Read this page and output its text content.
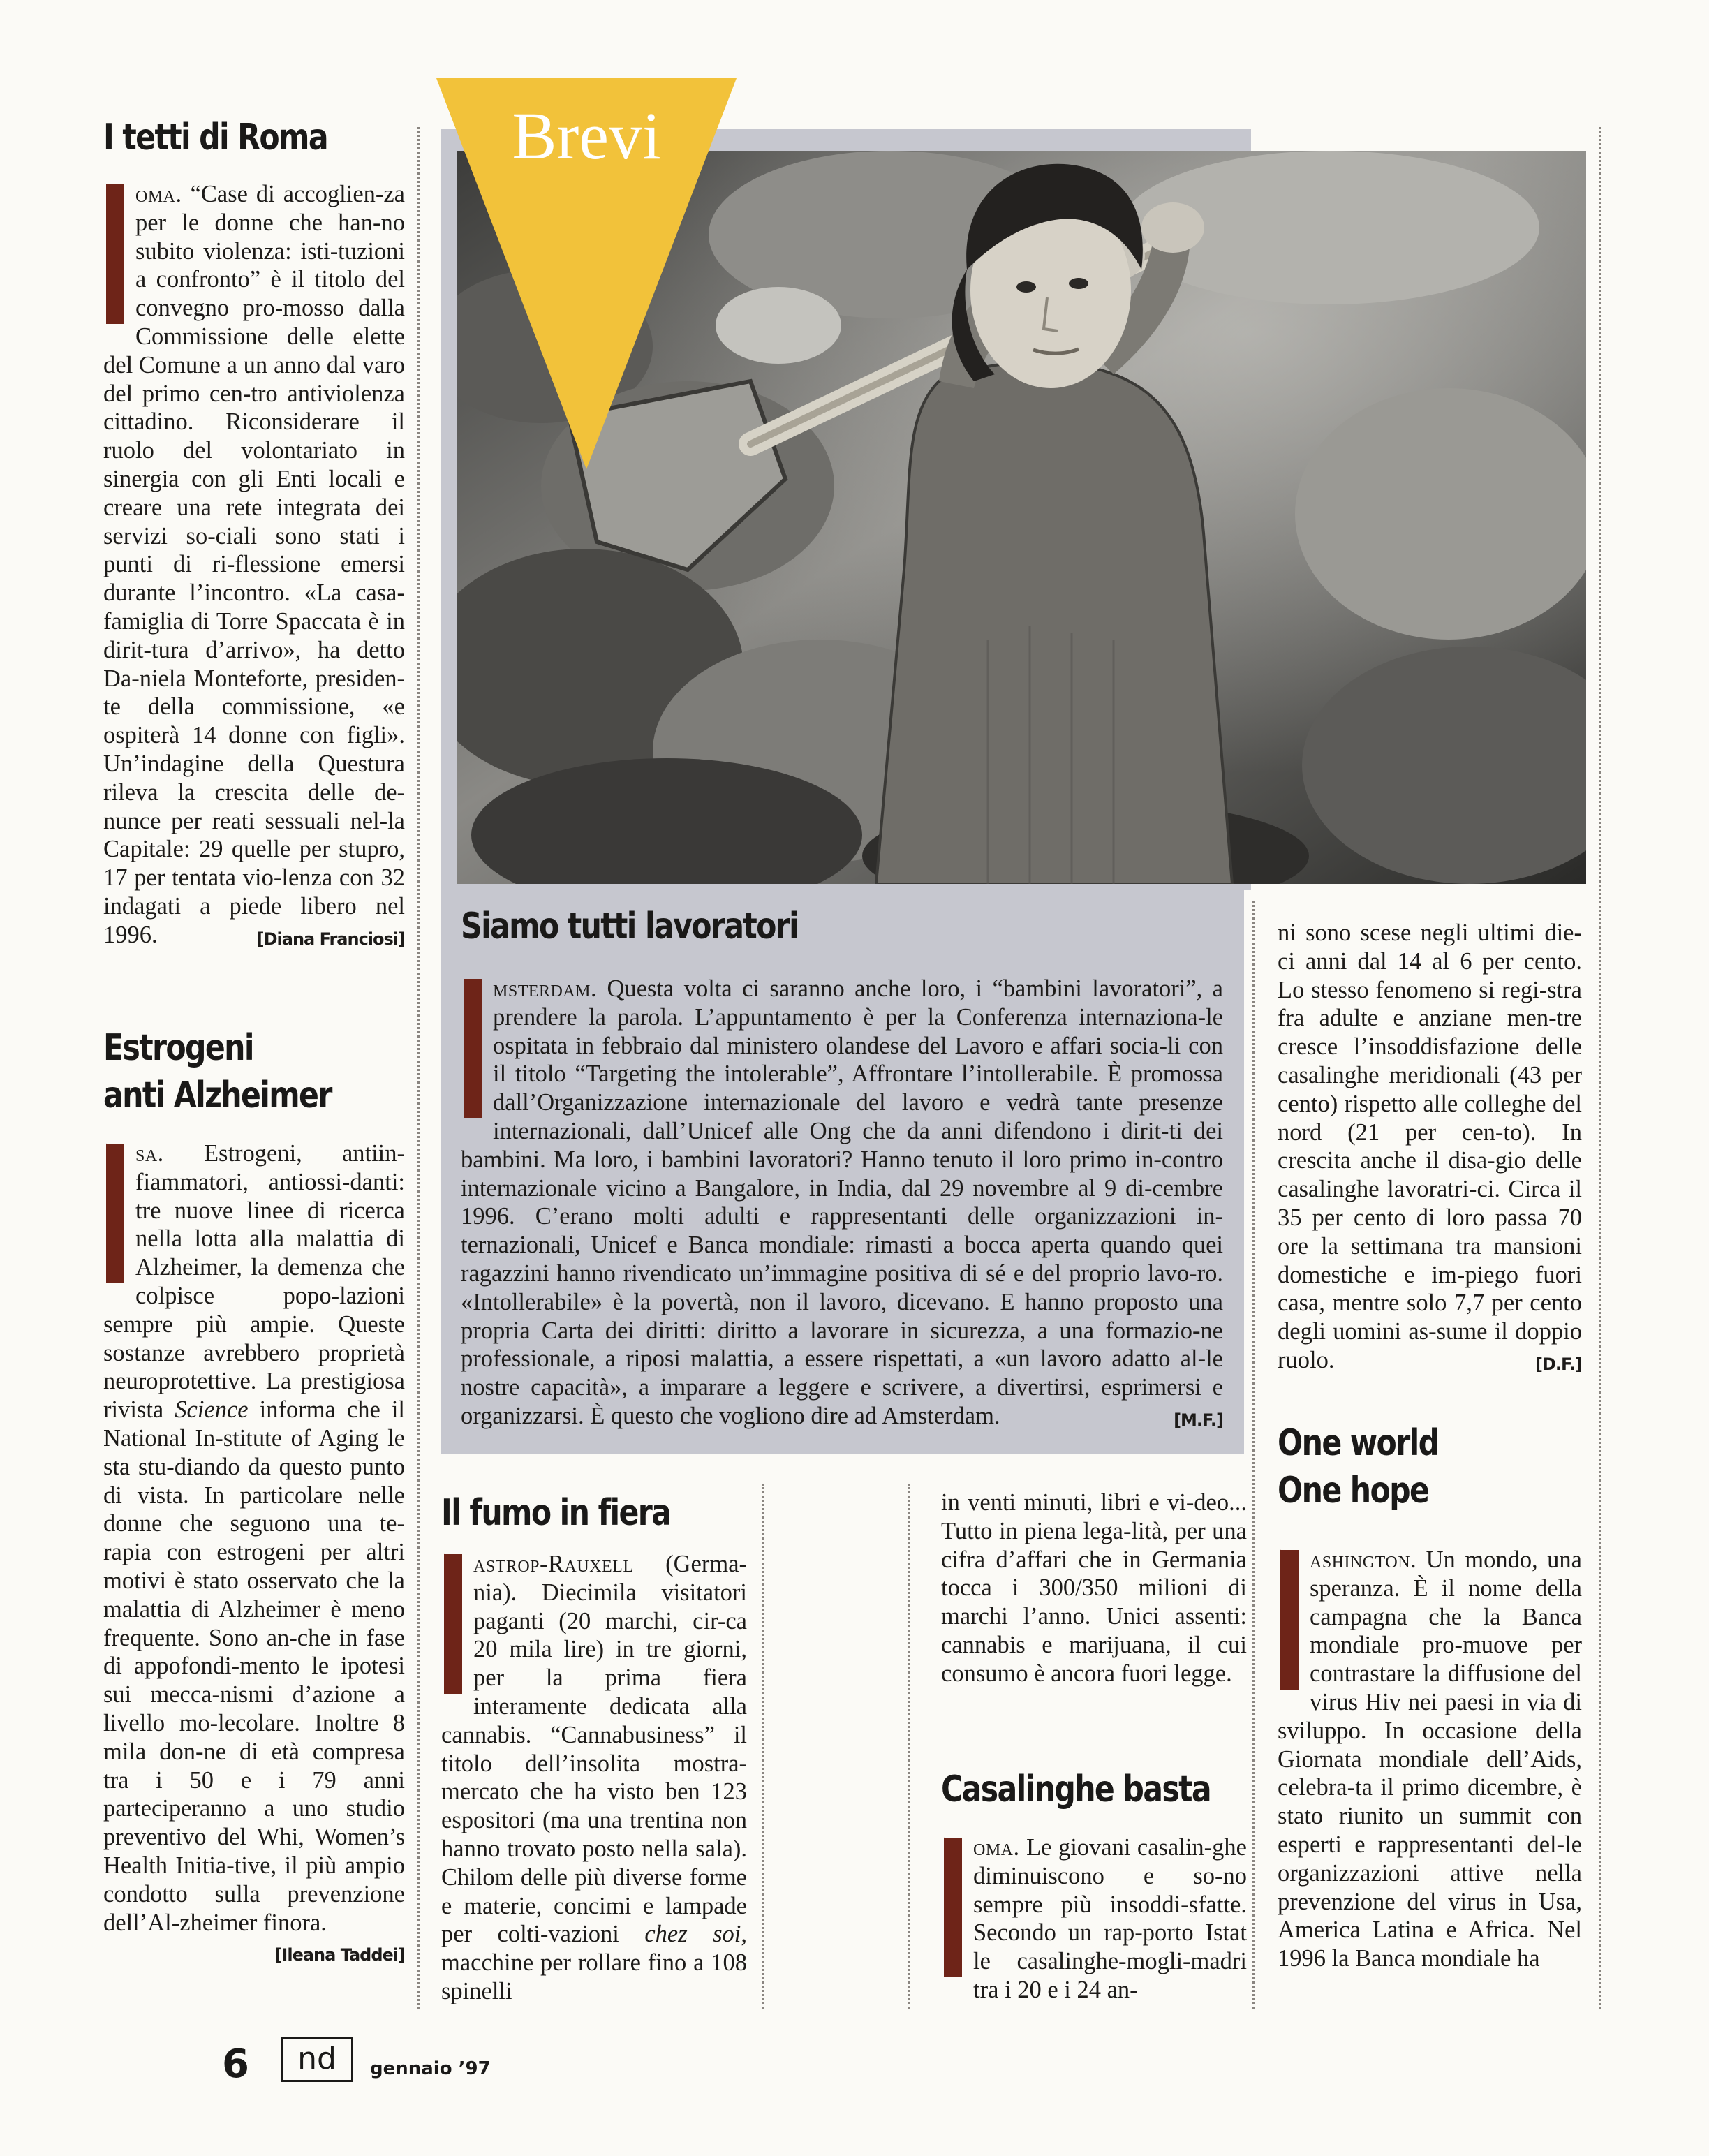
Brevi
I tetti di Roma
R	oma. “Case di accoglien-za per le donne che han-no subito violenza: isti-tuzioni a confronto” è il titolo del convegno pro-mosso dalla Commissione delle elette del Comune a un anno dal varo del primo cen-tro antiviolenza cittadino. Riconsiderare il ruolo del volontariato in sinergia con gli Enti locali e creare una rete integrata dei servizi so-ciali sono stati i punti di ri-flessione emersi durante l’incontro. «La casa-famiglia di Torre Spaccata è in dirit-tura d’arrivo», ha detto Da-niela Monteforte, presiden-te della commissione, «e ospiterà 14 donne con figli». Un’indagine della Questura rileva la crescita delle de-nunce per reati sessuali nel-la Capitale: 29 quelle per stupro, 17 per tentata vio-lenza con 32 indagati a piede libero nel 1996.	[Diana Franciosi]
Estrogeni
anti Alzheimer
U	sa. Estrogeni, antiin-fiammatori, antiossi-danti: tre nuove linee di ricerca nella lotta alla malattia di Alzheimer, la demenza che colpisce popo-lazioni sempre più ampie. Queste sostanze avrebbero proprietà neuroprotettive. La prestigiosa rivista Science informa che il National In-stitute of Aging le sta stu-diando da questo punto di vista. In particolare nelle donne che seguono una te-rapia con estrogeni per altri motivi è stato osservato che la malattia di Alzheimer è meno frequente. Sono an-che in fase di appofondi-mento le ipotesi sui mecca-nismi d’azione a livello mo-lecolare. Inoltre 8 mila don-ne di età compresa tra i 50 e i 79 anni parteciperanno a uno studio preventivo del Whi, Women’s Health Initia-tive, il più ampio condotto sulla prevenzione dell’Al-zheimer finora.
[Ileana Taddei]
Siamo tutti lavoratori
A	msterdam. Questa volta ci saranno anche loro, i “bambini lavoratori”, a prendere la parola. L’appuntamento è per la Conferenza internaziona-le ospitata in febbraio dal ministero olandese del Lavoro e affari socia-li con il titolo “Targeting the intolerable”, Affrontare l’intollerabile. È promossa dall’Organizzazione internazionale del lavoro e vedrà tante presenze internazionali, dall’Unicef alle Ong che da anni difendono i dirit-ti dei bambini. Ma loro, i bambini lavoratori? Hanno tenuto il loro primo in-contro internazionale vicino a Bangalore, in India, dal 29 novembre al 9 di-cembre 1996. C’erano molti adulti e rappresentanti delle organizzazioni in-ternazionali, Unicef e Banca mondiale: rimasti a bocca aperta quando quei ragazzini hanno rivendicato un’immagine positiva di sé e del proprio lavo-ro. «Intollerabile» è la povertà, non il lavoro, dicevano. E hanno proposto una propria Carta dei diritti: diritto a lavorare in sicurezza, a una formazio-ne professionale, a riposi malattia, a essere rispettati, a «un lavoro adatto al-le nostre capacità», a imparare a leggere e scrivere, a divertirsi, esprimersi e organizzarsi. È questo che vogliono dire ad Amsterdam.	[M.F.]
Il fumo in fiera
C	astrop-Rauxell (Germa-nia). Diecimila visitatori paganti (20 marchi, cir-ca 20 mila lire) in tre giorni, per la prima fiera interamente dedicata alla cannabis. “Cannabusiness” il titolo dell’insolita mostra-mercato che ha visto ben 123 espositori (ma una trentina non hanno trovato posto nella sala). Chilom delle più diverse forme e materie, concimi e lampade per colti-vazioni chez soi, macchine per rollare fino a 108 spinelli
in venti minuti, libri e vi-deo... Tutto in piena lega-lità, per una cifra d’affari che in Germania tocca i 300/350 milioni di marchi l’anno. Unici assenti: cannabis e marijuana, il cui consumo è ancora fuori legge.
Casalinghe basta
R	oma. Le giovani casalin-ghe diminuiscono e so-no sempre più insoddi-sfatte. Secondo un rap-porto Istat le casalinghe-mogli-madri tra i 20 e i 24 an-
ni sono scese negli ultimi die-ci anni dal 14 al 6 per cento. Lo stesso fenomeno si regi-stra fra adulte e anziane men-tre cresce l’insoddisfazione delle casalinghe meridionali (43 per cento) rispetto alle colleghe del nord (21 per cen-to). In crescita anche il disa-gio delle casalinghe lavoratri-ci. Circa il 35 per cento di loro passa 70 ore la settimana tra mansioni domestiche e im-piego fuori casa, mentre solo 7,7 per cento degli uomini as-sume il doppio ruolo.	[D.F.]
One world
One hope
W	ashington. Un mondo, una speranza. È il nome della campagna che la Banca mondiale pro-muove per contrastare la diffusione del virus Hiv nei paesi in via di sviluppo. In occasione della Giornata mondiale dell’Aids, celebra-ta il primo dicembre, è stato riunito un summit con esperti e rappresentanti del-le organizzazioni attive nella prevenzione del virus in Usa, America Latina e Africa. Nel 1996 la Banca mondiale ha
6	nd	gennaio ’97
